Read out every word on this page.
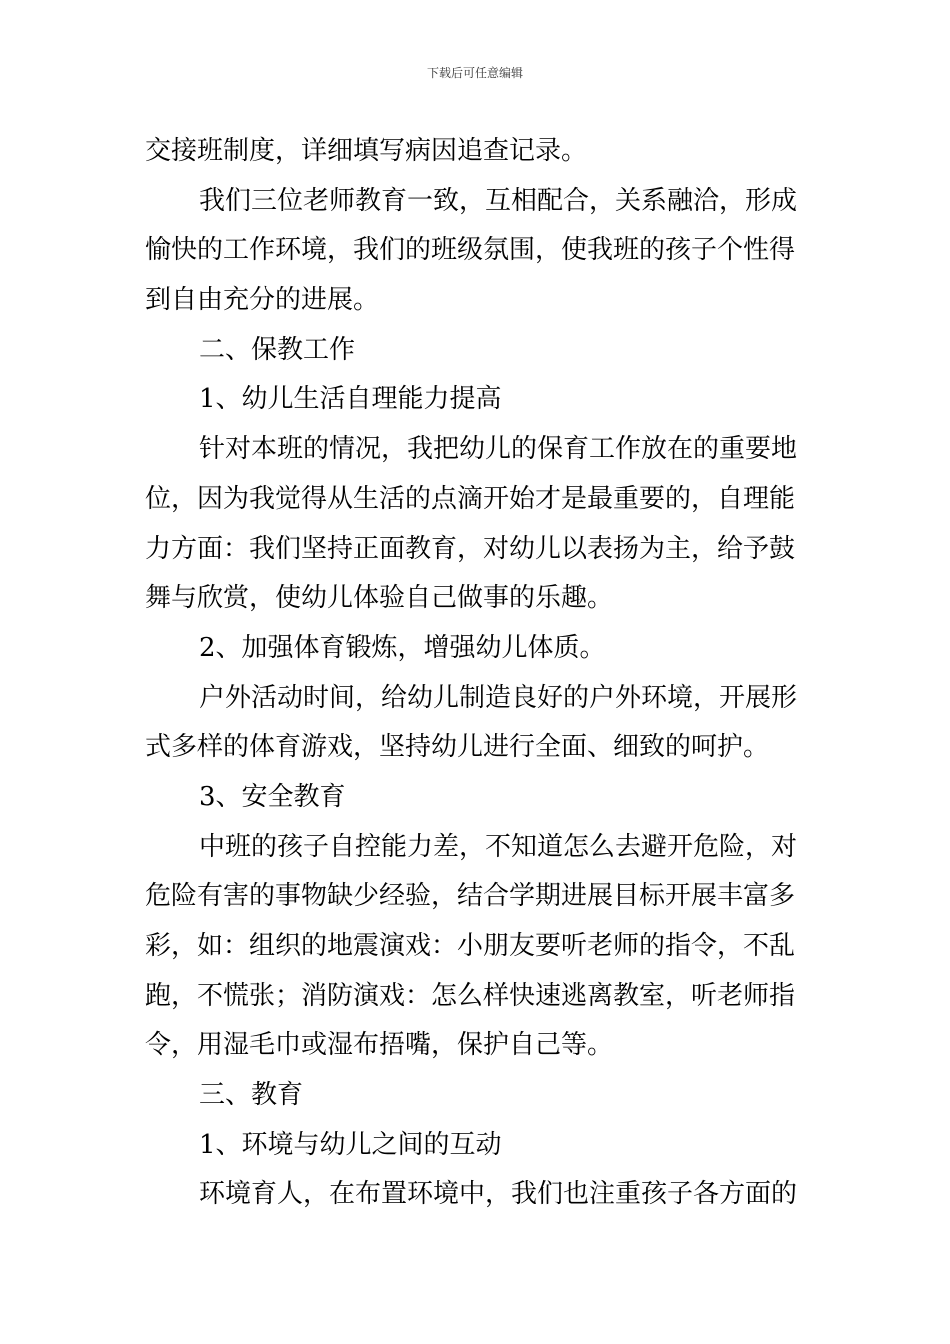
下载后可任意编辑
交接班制度，详细填写病因追查记录。
我们三位老师教育一致，互相配合，关系融洽，形成
愉快的工作环境，我们的班级氛围，使我班的孩子个性得
到自由充分的进展。
二、保教工作
1、幼儿生活自理能力提高
针对本班的情况，我把幼儿的保育工作放在的重要地
位，因为我觉得从生活的点滴开始才是最重要的，自理能
力方面：我们坚持正面教育，对幼儿以表扬为主，给予鼓
舞与欣赏，使幼儿体验自己做事的乐趣。
2、加强体育锻炼，增强幼儿体质。
户外活动时间，给幼儿制造良好的户外环境，开展形
式多样的体育游戏，坚持幼儿进行全面、细致的呵护。
3、安全教育
中班的孩子自控能力差，不知道怎么去避开危险，对
危险有害的事物缺少经验，结合学期进展目标开展丰富多
彩，如：组织的地震演戏：小朋友要听老师的指令，不乱
跑，不慌张；消防演戏：怎么样快速逃离教室，听老师指
令，用湿毛巾或湿布捂嘴，保护自己等。
三、教育
1、环境与幼儿之间的互动
环境育人，在布置环境中，我们也注重孩子各方面的
